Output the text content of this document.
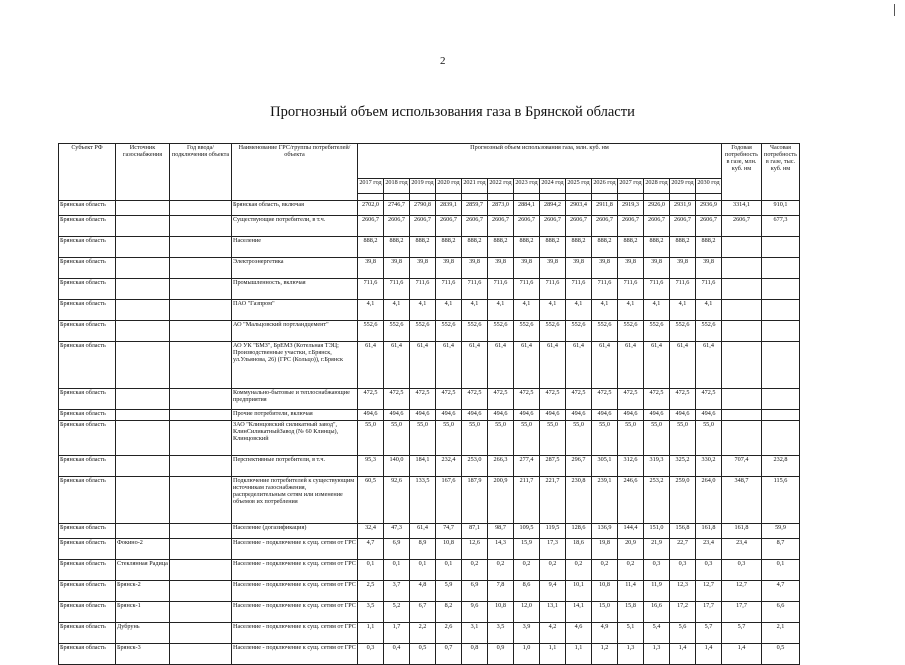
2
Прогнозный объем использования газа в Брянской области
Субъект РФ	Источник газоснабжения	Год ввода/подключения объекта	Наименование ГРС/группы потребителей/объекта	Прогнозный объем использования газа, млн. куб. нм														Годовая потребность в газе, млн. куб. нм	Часовая потребность в газе, тыс. куб. нм
				2017 год	2018 год	2019 год	2020 год	2021 год	2022 год	2023 год	2024 год	2025 год	2026 год	2027 год	2028 год	2029 год	2030 год		

Брянская область			Брянская область, включая	2702,0	2746,7	2790,8	2839,1	2859,7	2873,0	2884,1	2894,2	2903,4	2911,8	2919,3	2926,0	2931,9	2936,9	3314,1	910,1
Брянская область			Существующие потребители, в т.ч.	2606,7	2606,7	2606,7	2606,7	2606,7	2606,7	2606,7	2606,7	2606,7	2606,7	2606,7	2606,7	2606,7	2606,7	2606,7	677,3
Брянская область			Население	888,2	888,2	888,2	888,2	888,2	888,2	888,2	888,2	888,2	888,2	888,2	888,2	888,2	888,2		
Брянская область			Электроэнергетика	39,8	39,8	39,8	39,8	39,8	39,8	39,8	39,8	39,8	39,8	39,8	39,8	39,8	39,8		
Брянская область			Промышленность, включая	711,6	711,6	711,6	711,6	711,6	711,6	711,6	711,6	711,6	711,6	711,6	711,6	711,6	711,6		
Брянская область			ПАО "Газпром"	4,1	4,1	4,1	4,1	4,1	4,1	4,1	4,1	4,1	4,1	4,1	4,1	4,1	4,1		
Брянская область			АО "Мальцовский портландцемент"	552,6	552,6	552,6	552,6	552,6	552,6	552,6	552,6	552,6	552,6	552,6	552,6	552,6	552,6		
Брянская область			АО УК "БМЗ", БрЕМЗ (Котельная ТЭЦ; Производственные участки, г.Брянск, ул.Ульянова, 26) (ГРС (Кольцо)), г.Брянск	61,4	61,4	61,4	61,4	61,4	61,4	61,4	61,4	61,4	61,4	61,4	61,4	61,4	61,4		
Брянская область			Коммунально-бытовые и теплоснабжающие предприятия	472,5	472,5	472,5	472,5	472,5	472,5	472,5	472,5	472,5	472,5	472,5	472,5	472,5	472,5		
Брянская область			Прочие потребители, включая	494,6	494,6	494,6	494,6	494,6	494,6	494,6	494,6	494,6	494,6	494,6	494,6	494,6	494,6		
Брянская область			ЗАО "Клинцовский силикатный завод", КлинСиликатныйЗавод (№ 60 Клинцы), Клинцовский	55,0	55,0	55,0	55,0	55,0	55,0	55,0	55,0	55,0	55,0	55,0	55,0	55,0	55,0		
Брянская область			Перспективные потребители, в т.ч.	95,3	140,0	184,1	232,4	253,0	266,3	277,4	287,5	296,7	305,1	312,6	319,3	325,2	330,2	707,4	232,8
Брянская область			Подключение потребителей к существующим источникам газоснабжения, распределительным сетям или изменение объемов их потребления	60,5	92,6	133,5	167,6	187,9	200,9	211,7	221,7	230,8	239,1	246,6	253,2	259,0	264,0	348,7	115,6
Брянская область			Население (догазификация)	32,4	47,3	61,4	74,7	87,1	98,7	109,5	119,5	128,6	136,9	144,4	151,0	156,8	161,8	161,8	59,9
Брянская область	Фокино-2		Население - подключение к сущ. сетям от ГРС	4,7	6,9	8,9	10,8	12,6	14,3	15,9	17,3	18,6	19,8	20,9	21,9	22,7	23,4	23,4	8,7
Брянская область	Стеклянная Радица		Население - подключение к сущ. сетям от ГРС	0,1	0,1	0,1	0,1	0,2	0,2	0,2	0,2	0,2	0,2	0,2	0,3	0,3	0,3	0,3	0,1
Брянская область	Брянск-2		Население - подключение к сущ. сетям от ГРС	2,5	3,7	4,8	5,9	6,9	7,8	8,6	9,4	10,1	10,8	11,4	11,9	12,3	12,7	12,7	4,7
Брянская область	Брянск-1		Население - подключение к сущ. сетям от ГРС	3,5	5,2	6,7	8,2	9,6	10,8	12,0	13,1	14,1	15,0	15,8	16,6	17,2	17,7	17,7	6,6
Брянская область	Дубрунь		Население - подключение к сущ. сетям от ГРС	1,1	1,7	2,2	2,6	3,1	3,5	3,9	4,2	4,6	4,9	5,1	5,4	5,6	5,7	5,7	2,1
Брянская область	Брянск-3		Население - подключение к сущ. сетям от ГРС	0,3	0,4	0,5	0,7	0,8	0,9	1,0	1,1	1,1	1,2	1,3	1,3	1,4	1,4	1,4	0,5
